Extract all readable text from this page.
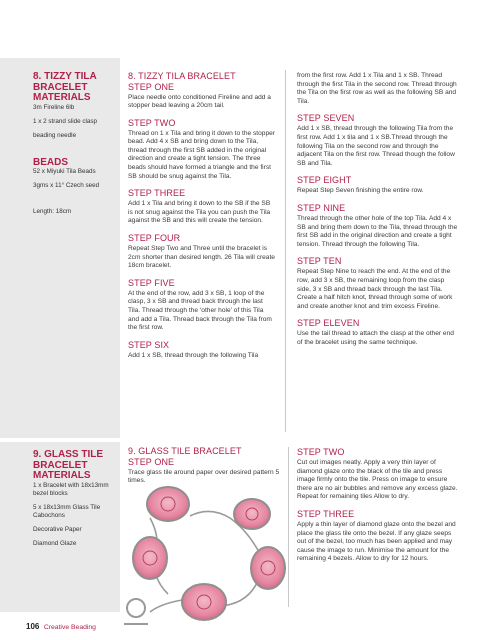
8. TIZZY TILA BRACELET MATERIALS

3m Fireline 6lb

1 x 2 strand slide clasp

beading needle

BEADS

52 x Miyuki Tila Beads

3gms x 11° Czech seed

Length: 18cm

8. TIZZY TILA BRACELET
STEP ONE

Place needle onto conditioned Fireline and add a stopper bead leaving a 20cm tail.

STEP TWO

Thread on 1 x Tila and bring it down to the stopper bead. Add 4 x SB and bring down to the Tila, thread through the first SB added in the original direction and create a tight tension. The three beads should have formed a triangle and the first SB should be snug against the Tila.

STEP THREE

Add 1 x Tila and bring it down to the SB if the SB is not snug against the Tila you can push the Tila against the SB and this will create the tension.

STEP FOUR

Repeat Step Two and Three until the bracelet is 2cm shorter than desired length. 26 Tila will create 18cm bracelet.

STEP FIVE

At the end of the row, add 3 x SB, 1 loop of the clasp, 3 x SB and thread back through the last Tila. Thread through the ‘other hole’ of this Tila and add a Tila. Thread back through the Tila from the first row.

STEP SIX

Add 1 x SB, thread through the following Tila

from the first row. Add 1 x Tila and 1 x SB. Thread through the first Tila in the second row. Thread through the Tila on the first row as well as the following SB and Tila.

STEP SEVEN

Add 1 x SB, thread through the following Tila from the first row. Add 1 x tila and 1 x SB.Thread through the following Tila on the second row and through the adjacent Tila on the first row. Thread though the follow SB and Tila.

STEP EIGHT

Repeat Step Seven finishing the entire row.

STEP NINE

Thread through the other hole of the top Tila. Add 4 x SB and bring them down to the Tila, thread through the first SB add in the original direction and create a tight tension. Thread through the following Tila.

STEP TEN

Repeat Step Nine to reach the end. At the end of the row, add 3 x SB, the remaining loop from the clasp side, 3 x SB and thread back through the last Tila. Create a half hitch knot, thread through some of work and create another knot and trim excess Fireline.

STEP ELEVEN

Use the tail thread to attach the clasp at the other end of the bracelet using the same technique.

9. GLASS TILE BRACELET MATERIALS

1 x Bracelet with 18x13mm bezel blocks

5 x 18x13mm Glass Tile Cabochons

Decorative Paper

Diamond Glaze

9. GLASS TILE BRACELET
STEP ONE

Trace glass tile around paper over desired pattern 5 times.

STEP TWO

Cut out images neatly. Apply a very thin layer of diamond glaze onto the black of the tile and press image firmly onto the tile. Press on image to ensure there are no air bubbles and remove any excess glaze. Repeat for remaining tiles Allow to dry.

STEP THREE

Apply a thin layer of diamond glaze onto the bezel and place the glass tile onto the bezel. If any glaze seeps out of the bezel, too much has been applied and may cause the image to run. Minimise the amount for the remaining 4 bezels. Allow to dry for 12 hours.

106 Creative Beading
